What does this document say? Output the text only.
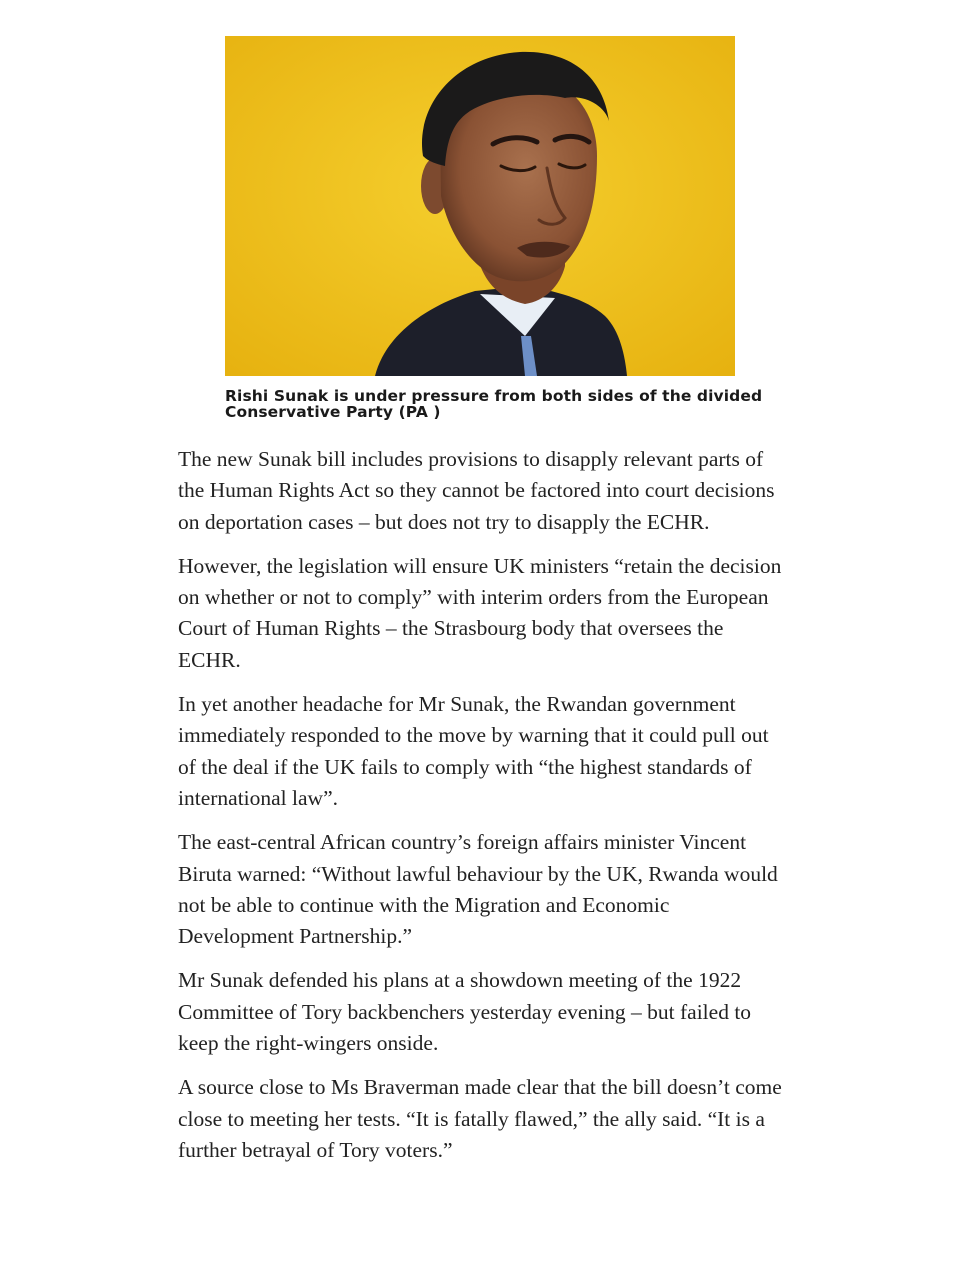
Rishi Sunak is under pressure from both sides of the divided Conservative Party (PA )

The new Sunak bill includes provisions to disapply relevant parts of the Human Rights Act so they cannot be factored into court decisions on deportation cases – but does not try to disapply the ECHR.

However, the legislation will ensure UK ministers “retain the decision on whether or not to comply” with interim orders from the European Court of Human Rights – the Strasbourg body that oversees the ECHR.

In yet another headache for Mr Sunak, the Rwandan government immediately responded to the move by warning that it could pull out of the deal if the UK fails to comply with “the highest standards of international law”.

The east-central African country’s foreign affairs minister Vincent Biruta warned: “Without lawful behaviour by the UK, Rwanda would not be able to continue with the Migration and Economic Development Partnership.”

Mr Sunak defended his plans at a showdown meeting of the 1922 Committee of Tory backbenchers yesterday evening – but failed to keep the right-wingers onside.

A source close to Ms Braverman made clear that the bill doesn’t come close to meeting her tests. “It is fatally flawed,” the ally said. “It is a further betrayal of Tory voters.”
